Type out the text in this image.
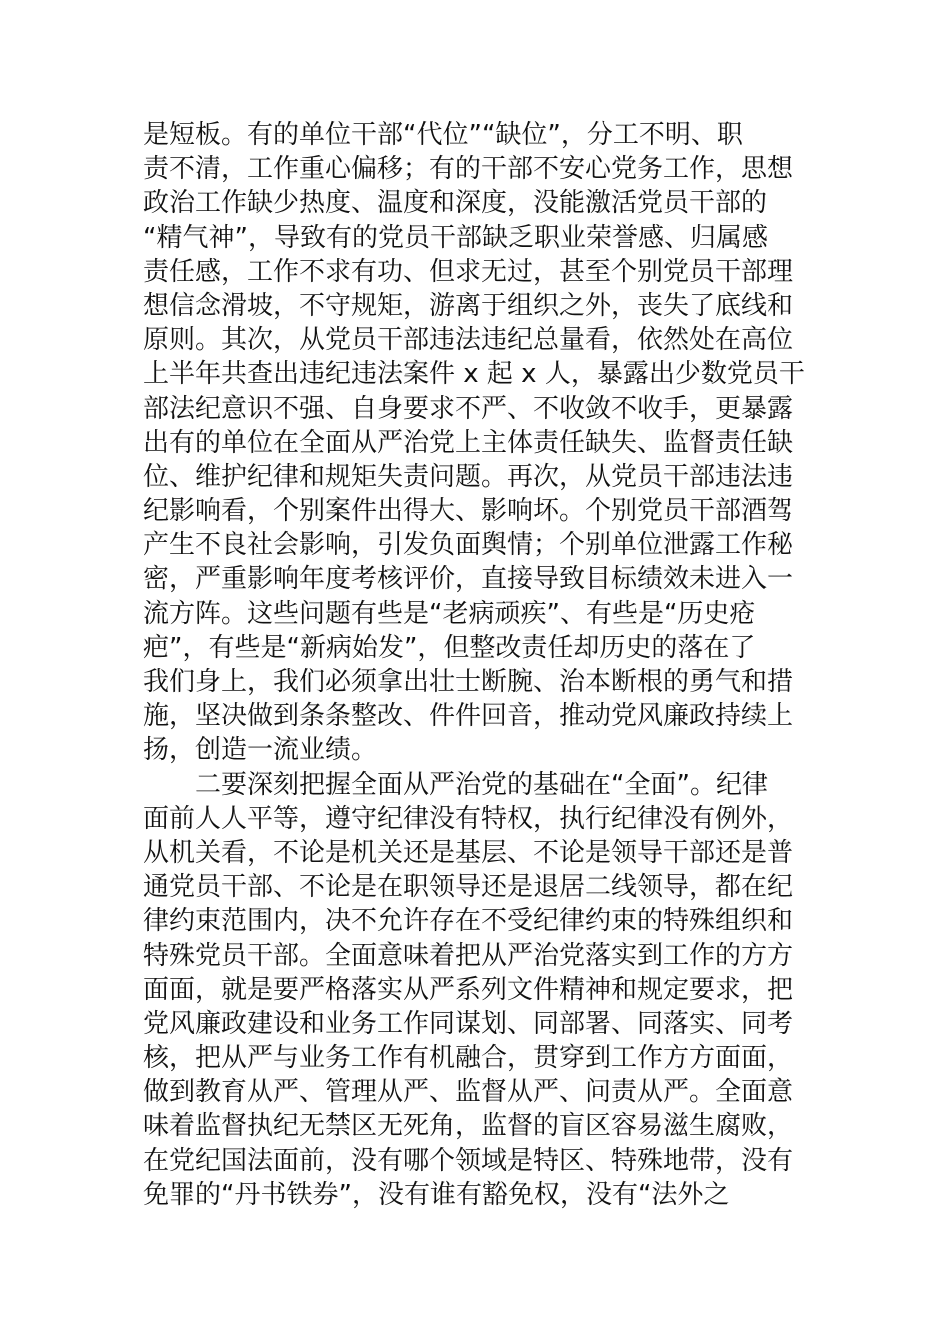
是短板。有的单位干部“代位”“缺位”，分工不明、职
责不清，工作重心偏移；有的干部不安心党务工作，思想
政治工作缺少热度、温度和深度，没能激活党员干部的
“精气神”，导致有的党员干部缺乏职业荣誉感、归属感
责任感，工作不求有功、但求无过，甚至个别党员干部理
想信念滑坡，不守规矩，游离于组织之外，丧失了底线和
原则。其次，从党员干部违法违纪总量看，依然处在高位
上半年共查出违纪违法案件 x 起 x 人，暴露出少数党员干
部法纪意识不强、自身要求不严、不收敛不收手，更暴露
出有的单位在全面从严治党上主体责任缺失、监督责任缺
位、维护纪律和规矩失责问题。再次，从党员干部违法违
纪影响看，个别案件出得大、影响坏。个别党员干部酒驾
产生不良社会影响，引发负面舆情；个别单位泄露工作秘
密，严重影响年度考核评价，直接导致目标绩效未进入一
流方阵。这些问题有些是“老病顽疾”、有些是“历史疮
疤”，有些是“新病始发”，但整改责任却历史的落在了
我们身上，我们必须拿出壮士断腕、治本断根的勇气和措
施，坚决做到条条整改、件件回音，推动党风廉政持续上
扬，创造一流业绩。
　　二要深刻把握全面从严治党的基础在“全面”。纪律
面前人人平等，遵守纪律没有特权，执行纪律没有例外，
从机关看，不论是机关还是基层、不论是领导干部还是普
通党员干部、不论是在职领导还是退居二线领导，都在纪
律约束范围内，决不允许存在不受纪律约束的特殊组织和
特殊党员干部。全面意味着把从严治党落实到工作的方方
面面，就是要严格落实从严系列文件精神和规定要求，把
党风廉政建设和业务工作同谋划、同部署、同落实、同考
核，把从严与业务工作有机融合，贯穿到工作方方面面，
做到教育从严、管理从严、监督从严、问责从严。全面意
味着监督执纪无禁区无死角，监督的盲区容易滋生腐败，
在党纪国法面前，没有哪个领域是特区、特殊地带，没有
免罪的“丹书铁券”，没有谁有豁免权，没有“法外之
